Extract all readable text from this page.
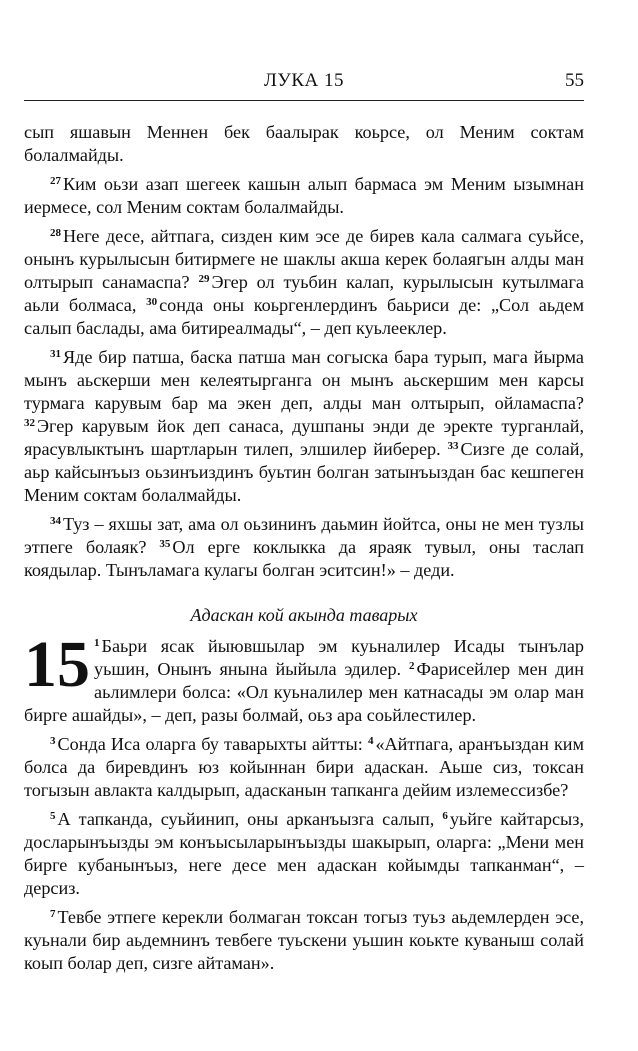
ЛУКА 15	55

сып яшавын Меннен бек баалырак коьрсе, ол Меним соктам болалмайды.

$^{27}$ Ким оьзи азап шегеек кашын алып бармаса эм Меним ызымнан иермесе, сол Меним соктам болалмайды.

$^{28}$ Неге десе, айтпага, сизден ким эсе де бирев кала салмага суьйсе, онынъ курылысын битирмеге не шаклы акша керек болаягын алды ман олтырып санамаспа? $^{29}$ Эгер ол туьбин калап, курылысын кутылмага аьли болмаса, $^{30}$ сонда оны коьргенлердинъ баьриси де: „Сол аьдем салып баслады, ама битиреалмады“, – деп куьлееклер.

$^{31}$ Яде бир патша, баска патша ман согыска бара турып, мага йырма мынъ аьскерши мен келеятырганга он мынъ аьскершим мен карсы турмага карувым бар ма экен деп, алды ман олтырып, ойламаспа? $^{32}$ Эгер карувым йок деп санаса, душпаны энди де эректе турганлай, ярасувлыктынъ шартларын тилеп, элшилер йиберер. $^{33}$ Сизге де солай, аьр кайсынъыз оьзинъиздинъ буьтин болган затынъыздан бас кешпеген Меним соктам болалмайды.

$^{34}$ Туз – яхшы зат, ама ол оьзининъ даьмин йойтса, оны не мен тузлы этпеге болаяк? $^{35}$ Ол ерге коклыкка да яраяк тувыл, оны таслап коядылар. Тынъламага кулагы болган эситсин!» – деди.

Адаскан кой акында таварых

15 $^1$ Баьри ясак йыювшылар эм куьналилер Исады тынълар уьшин, Онынъ янына йыйыла эдилер. $^2$ Фарисейлер мен дин аьлимлери болса: «Ол куьналилер мен катнасады эм олар ман бирге ашайды», – деп, разы болмай, оьз ара соьйлестилер.

$^3$ Сонда Иса оларга бу таварыхты айтты: $^4$ «Айтпага, аранъыздан ким болса да биревдинъ юз койыннан бири адаскан. Аьше сиз, токсан тогызын авлакта калдырып, адасканын тапканга дейим излемессизбе?

$^5$ А тапканда, суьйинип, оны арканъызга салып, $^6$ уьйге кайтарсыз, досларынъызды эм конъысыларынъызды шакырып, оларга: „Мени мен бирге кубанынъыз, неге десе мен адаскан койымды тапканман“, – дерсиз.

$^7$ Тевбе этпеге керекли болмаган токсан тогыз туьз аьдемлерден эсе, куьнали бир аьдемнинъ тевбеге туьскени уьшин коькте куваныш солай коып болар деп, сизге айтаман».
